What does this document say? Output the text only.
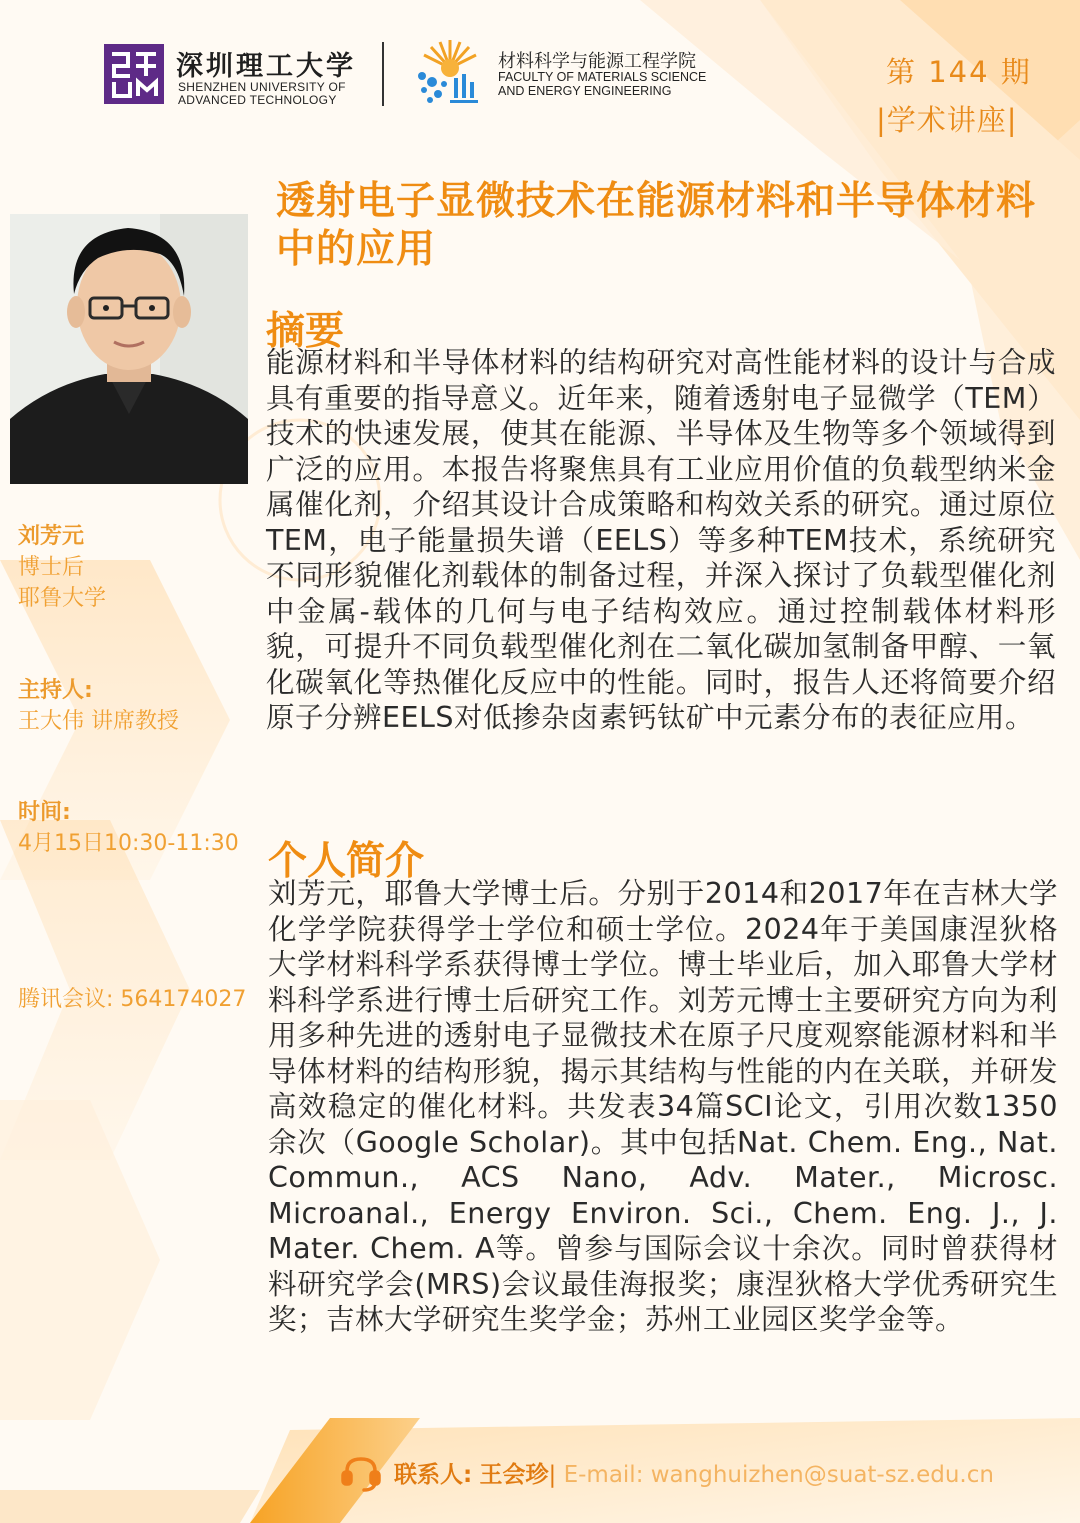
深圳理工大学
SHENZHEN UNIVERSITY OF
ADVANCED TECHNOLOGY
材料科学与能源工程学院
FACULTY OF MATERIALS SCIENCE
AND ENERGY ENGINEERING
第 144 期
|学术讲座|
透射电子显微技术在能源材料和半导体材料中的应用
刘芳元
博士后
耶鲁大学
主持人:
王大伟 讲席教授
时间:
4月15日10:30-11:30
腾讯会议: 564174027
摘要
能源材料和半导体材料的结构研究对高性能材料的设计与合成具有重要的指导意义。近年来，随着透射电子显微学（TEM）技术的快速发展，使其在能源、半导体及生物等多个领域得到广泛的应用。本报告将聚焦具有工业应用价值的负载型纳米金属催化剂，介绍其设计合成策略和构效关系的研究。通过原位TEM，电子能量损失谱（EELS）等多种TEM技术，系统研究不同形貌催化剂载体的制备过程，并深入探讨了负载型催化剂中金属-载体的几何与电子结构效应。通过控制载体材料形貌，可提升不同负载型催化剂在二氧化碳加氢制备甲醇、一氧化碳氧化等热催化反应中的性能。同时，报告人还将简要介绍原子分辨EELS对低掺杂卤素钙钛矿中元素分布的表征应用。
个人简介
刘芳元，耶鲁大学博士后。分别于2014和2017年在吉林大学化学学院获得学士学位和硕士学位。2024年于美国康涅狄格大学材料科学系获得博士学位。博士毕业后，加入耶鲁大学材料科学系进行博士后研究工作。刘芳元博士主要研究方向为利用多种先进的透射电子显微技术在原子尺度观察能源材料和半导体材料的结构形貌，揭示其结构与性能的内在关联，并研发高效稳定的催化材料。共发表34篇SCI论文，引用次数1350余次（Google Scholar)。其中包括Nat. Chem. Eng., Nat. Commun., ACS Nano, Adv. Mater., Microsc. Microanal., Energy Environ. Sci., Chem. Eng. J., J. Mater. Chem. A等。曾参与国际会议十余次。同时曾获得材料研究学会(MRS)会议最佳海报奖；康涅狄格大学优秀研究生奖；吉林大学研究生奖学金；苏州工业园区奖学金等。
联系人: 王会珍| E-mail: wanghuizhen@suat-sz.edu.cn
